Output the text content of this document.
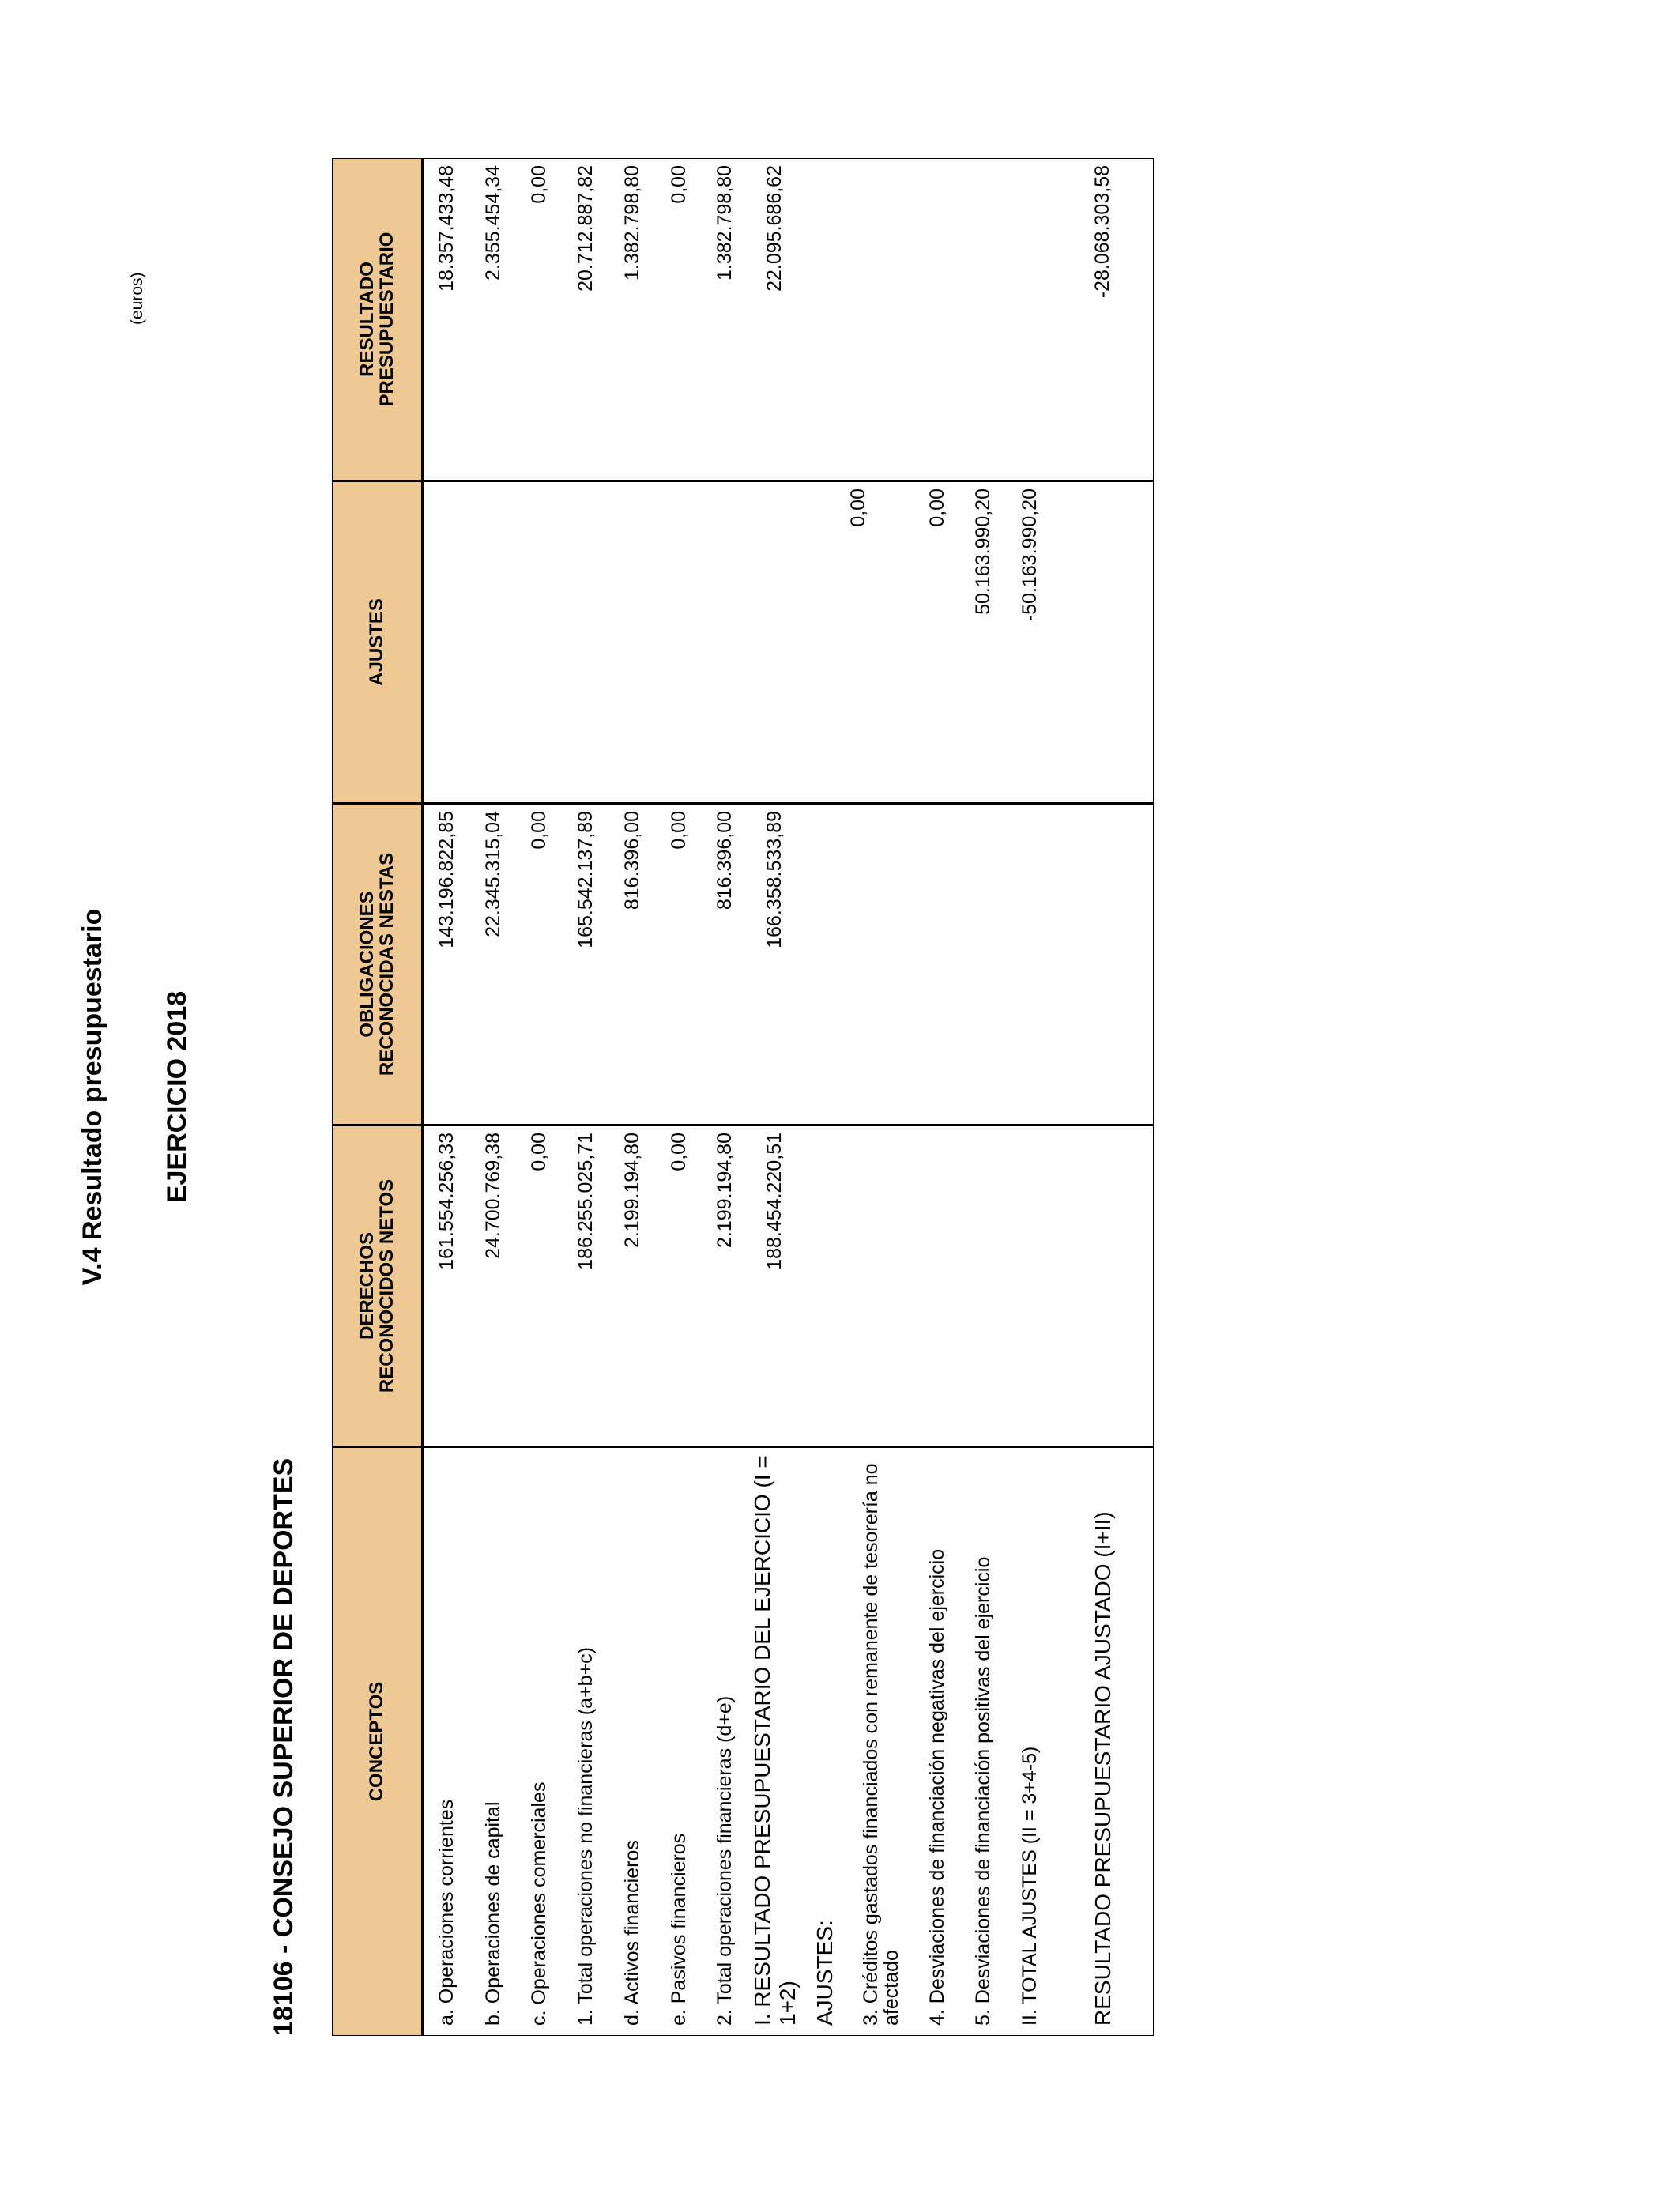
V.4 Resultado presupuestario EJERCICIO 2018
18106 - CONSEJO SUPERIOR DE DEPORTES
(euros)
CONCEPTOS	DERECHOS RECONOCIDOS NETOS	OBLIGACIONES RECONOCIDAS NESTAS	AJUSTES	RESULTADO PRESUPUESTARIO
a. Operaciones corrientes	161.554.256,33	143.196.822,85		18.357.433,48
b. Operaciones de capital	24.700.769,38	22.345.315,04		2.355.454,34
c. Operaciones comerciales	0,00	0,00		0,00
1. Total operaciones no financieras (a+b+c)	186.255.025,71	165.542.137,89		20.712.887,82
d. Activos financieros	2.199.194,80	816.396,00		1.382.798,80
e. Pasivos financieros	0,00	0,00		0,00
2. Total operaciones financieras (d+e)	2.199.194,80	816.396,00		1.382.798,80
I. RESULTADO PRESUPUESTARIO DEL EJERCICIO (I = 1+2)	188.454.220,51	166.358.533,89		22.095.686,62
AJUSTES:				
3. Créditos gastados financiados con remanente de tesorería no afectado			0,00	
4. Desviaciones de financiación negativas del ejercicio			0,00	
5. Desviaciones de financiación positivas del ejercicio			50.163.990,20	
II. TOTAL AJUSTES (II = 3+4-5)			-50.163.990,20	
RESULTADO PRESUPUESTARIO AJUSTADO (I+II)				-28.068.303,58
